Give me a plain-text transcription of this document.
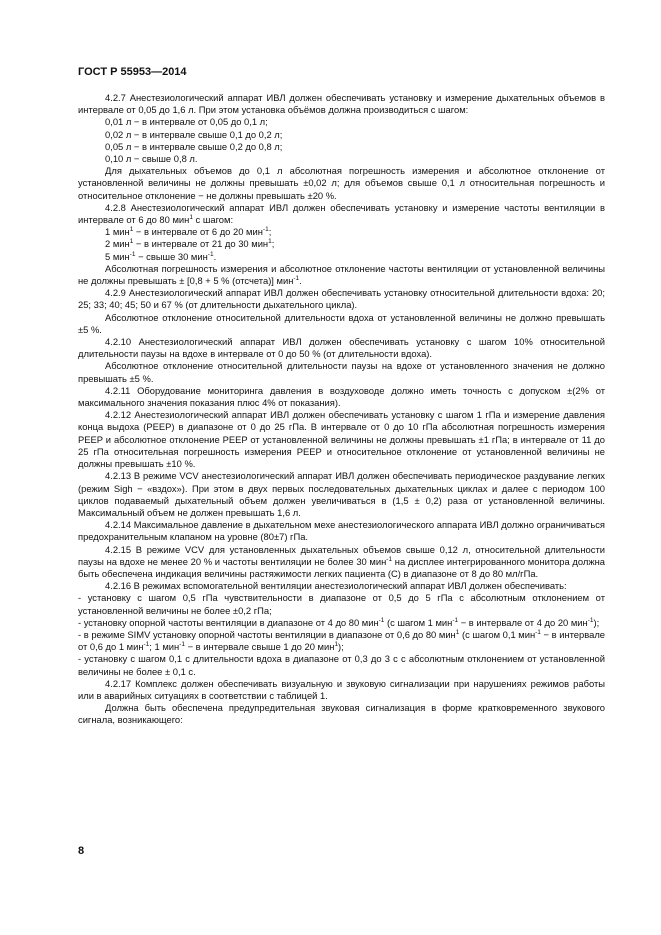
ГОСТ Р 55953—2014

4.2.7 Анестезиологический аппарат ИВЛ должен обеспечивать установку и измерение дыхательных объемов в интервале от 0,05 до 1,6 л. При этом установка объёмов должна производиться с шагом:

0,01 л − в интервале от 0,05 до 0,1 л;

0,02 л − в интервале свыше 0,1 до 0,2 л;

0,05 л − в интервале свыше 0,2 до 0,8 л;

0,10 л − свыше 0,8 л.

Для дыхательных объемов до 0,1 л абсолютная погрешность измерения и абсолютное отклонение от установленной величины не должны превышать ±0,02 л; для объемов свыше 0,1 л относительная погрешность и относительное отклонение − не должны превышать ±20 %.

4.2.8 Анестезиологический аппарат ИВЛ должен обеспечивать установку и измерение частоты вентиляции в интервале от 6 до 80 мин$^1$ с шагом:

1 мин$^1$ − в интервале от 6 до 20 мин$^{-1}$;

2 мин$^1$ − в интервале от 21 до 30 мин$^1$;

5 мин$^{-1}$ − свыше 30 мин$^{-1}$.

Абсолютная погрешность измерения и абсолютное отклонение частоты вентиляции от установленной величины не должны превышать ± [0,8 + 5 % (отсчета)] мин$^{-1}$.

4.2.9 Анестезиологический аппарат ИВЛ должен обеспечивать установку относительной длительности вдоха: 20; 25; 33; 40; 45; 50 и 67 % (от длительности дыхательного цикла).

Абсолютное отклонение относительной длительности вдоха от установленной величины не должно превышать ±5 %.

4.2.10 Анестезиологический аппарат ИВЛ должен обеспечивать установку с шагом 10% относительной длительности паузы на вдохе в интервале от 0 до 50 % (от длительности вдоха).

Абсолютное отклонение относительной длительности паузы на вдохе от установленного значения не должно превышать ±5 %.

4.2.11 Оборудование мониторинга давления в воздуховоде должно иметь точность с допуском ±(2% от максимального значения показания плюс 4% от показания).

4.2.12 Анестезиологический аппарат ИВЛ должен обеспечивать установку с шагом 1 гПа и измерение давления конца выдоха (PEEP) в диапазоне от 0 до 25 гПа. В интервале от 0 до 10 гПа абсолютная погрешность измерения PEEP и абсолютное отклонение PEEP от установленной величины не должны превышать ±1 гПа; в интервале от 11 до 25 гПа относительная погрешность измерения PEEP и относительное отклонение от установленной величины не должны превышать ±10 %.

4.2.13 В режиме VCV анестезиологический аппарат ИВЛ должен обеспечивать периодическое раздувание легких (режим Sigh − «вздох»). При этом в двух первых последовательных дыхательных циклах и далее с периодом 100 циклов подаваемый дыхательный объем должен увеличиваться в (1,5 ± 0,2) раза от установленной величины. Максимальный объем не должен превышать 1,6 л.

4.2.14 Максимальное давление в дыхательном мехе анестезиологического аппарата ИВЛ должно ограничиваться предохранительным клапаном на уровне (80±7) гПа.

4.2.15 В режиме VCV для установленных дыхательных объемов свыше 0,12 л, относительной длительности паузы на вдохе не менее 20 % и частоты вентиляции не более 30 мин$^{-1}$ на дисплее интегрированного монитора должна быть обеспечена индикация величины растяжимости легких пациента (С) в диапазоне от 8 до 80 мл/гПа.

4.2.16 В режимах вспомогательной вентиляции анестезиологический аппарат ИВЛ должен обеспечивать:

- установку с шагом 0,5 гПа чувствительности в диапазоне от 0,5 до 5 гПа с абсолютным отклонением от установленной величины не более ±0,2 гПа;

- установку опорной частоты вентиляции в диапазоне от 4 до 80 мин$^{-1}$ (с шагом 1 мин$^{-1}$ − в интервале от 4 до 20 мин$^{-1}$);

- в режиме SIMV установку опорной частоты вентиляции в диапазоне от 0,6 до 80 мин$^1$ (с шагом 0,1 мин$^{-1}$ − в интервале от 0,6 до 1 мин$^{-1}$; 1 мин$^{-1}$ − в интервале свыше 1 до 20 мин$^1$);

- установку с шагом 0,1 с длительности вдоха в диапазоне от 0,3 до 3 с с абсолютным отклонением от установленной величины не более ± 0,1 с.

4.2.17 Комплекс должен обеспечивать визуальную и звуковую сигнализации при нарушениях режимов работы или в аварийных ситуациях в соответствии с таблицей 1.

Должна быть обеспечена предупредительная звуковая сигнализация в форме кратковременного звукового сигнала, возникающего:

8
